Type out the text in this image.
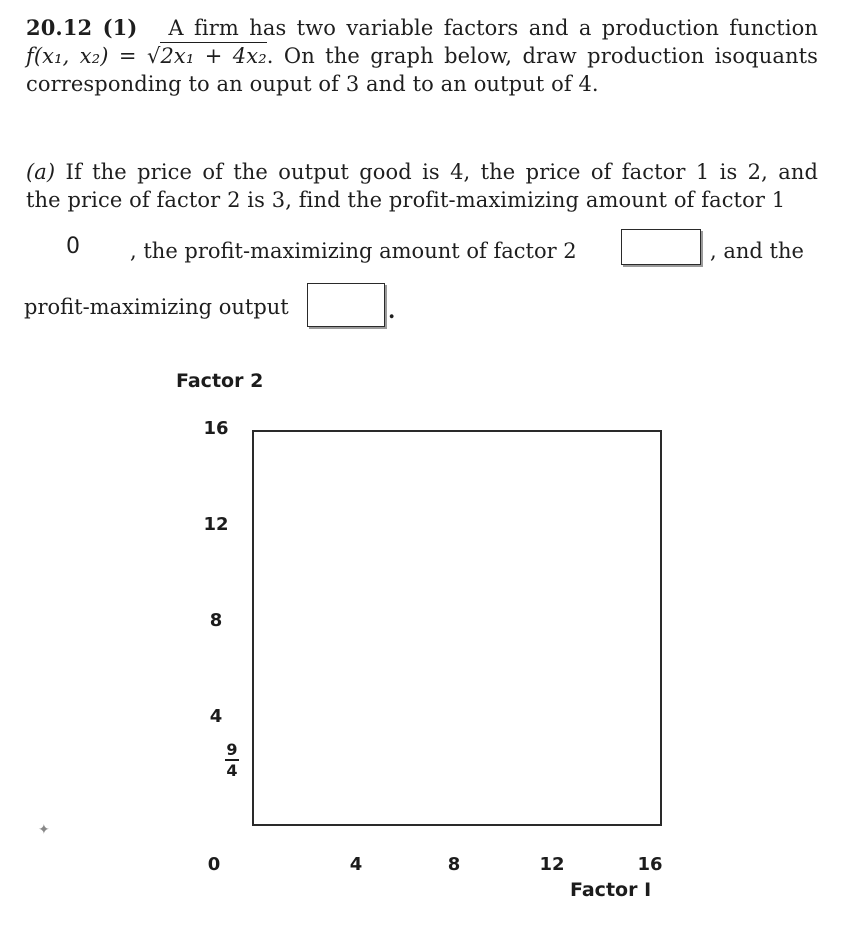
20.12 (1) A firm has two variable factors and a production function
f(x₁, x₂) = √2x₁ + 4x₂. On the graph below, draw production isoquants
corresponding to an ouput of 3 and to an output of 4.
(a) If the price of the output good is 4, the price of factor 1 is 2, and
the price of factor 2 is 3, find the profit-maximizing amount of factor 1
0 , the profit-maximizing amount of factor 2	, and the
profit-maximizing output	.
Factor 2
16
12
8
4
9
4
0	4	8	12	16
Factor I
✦
